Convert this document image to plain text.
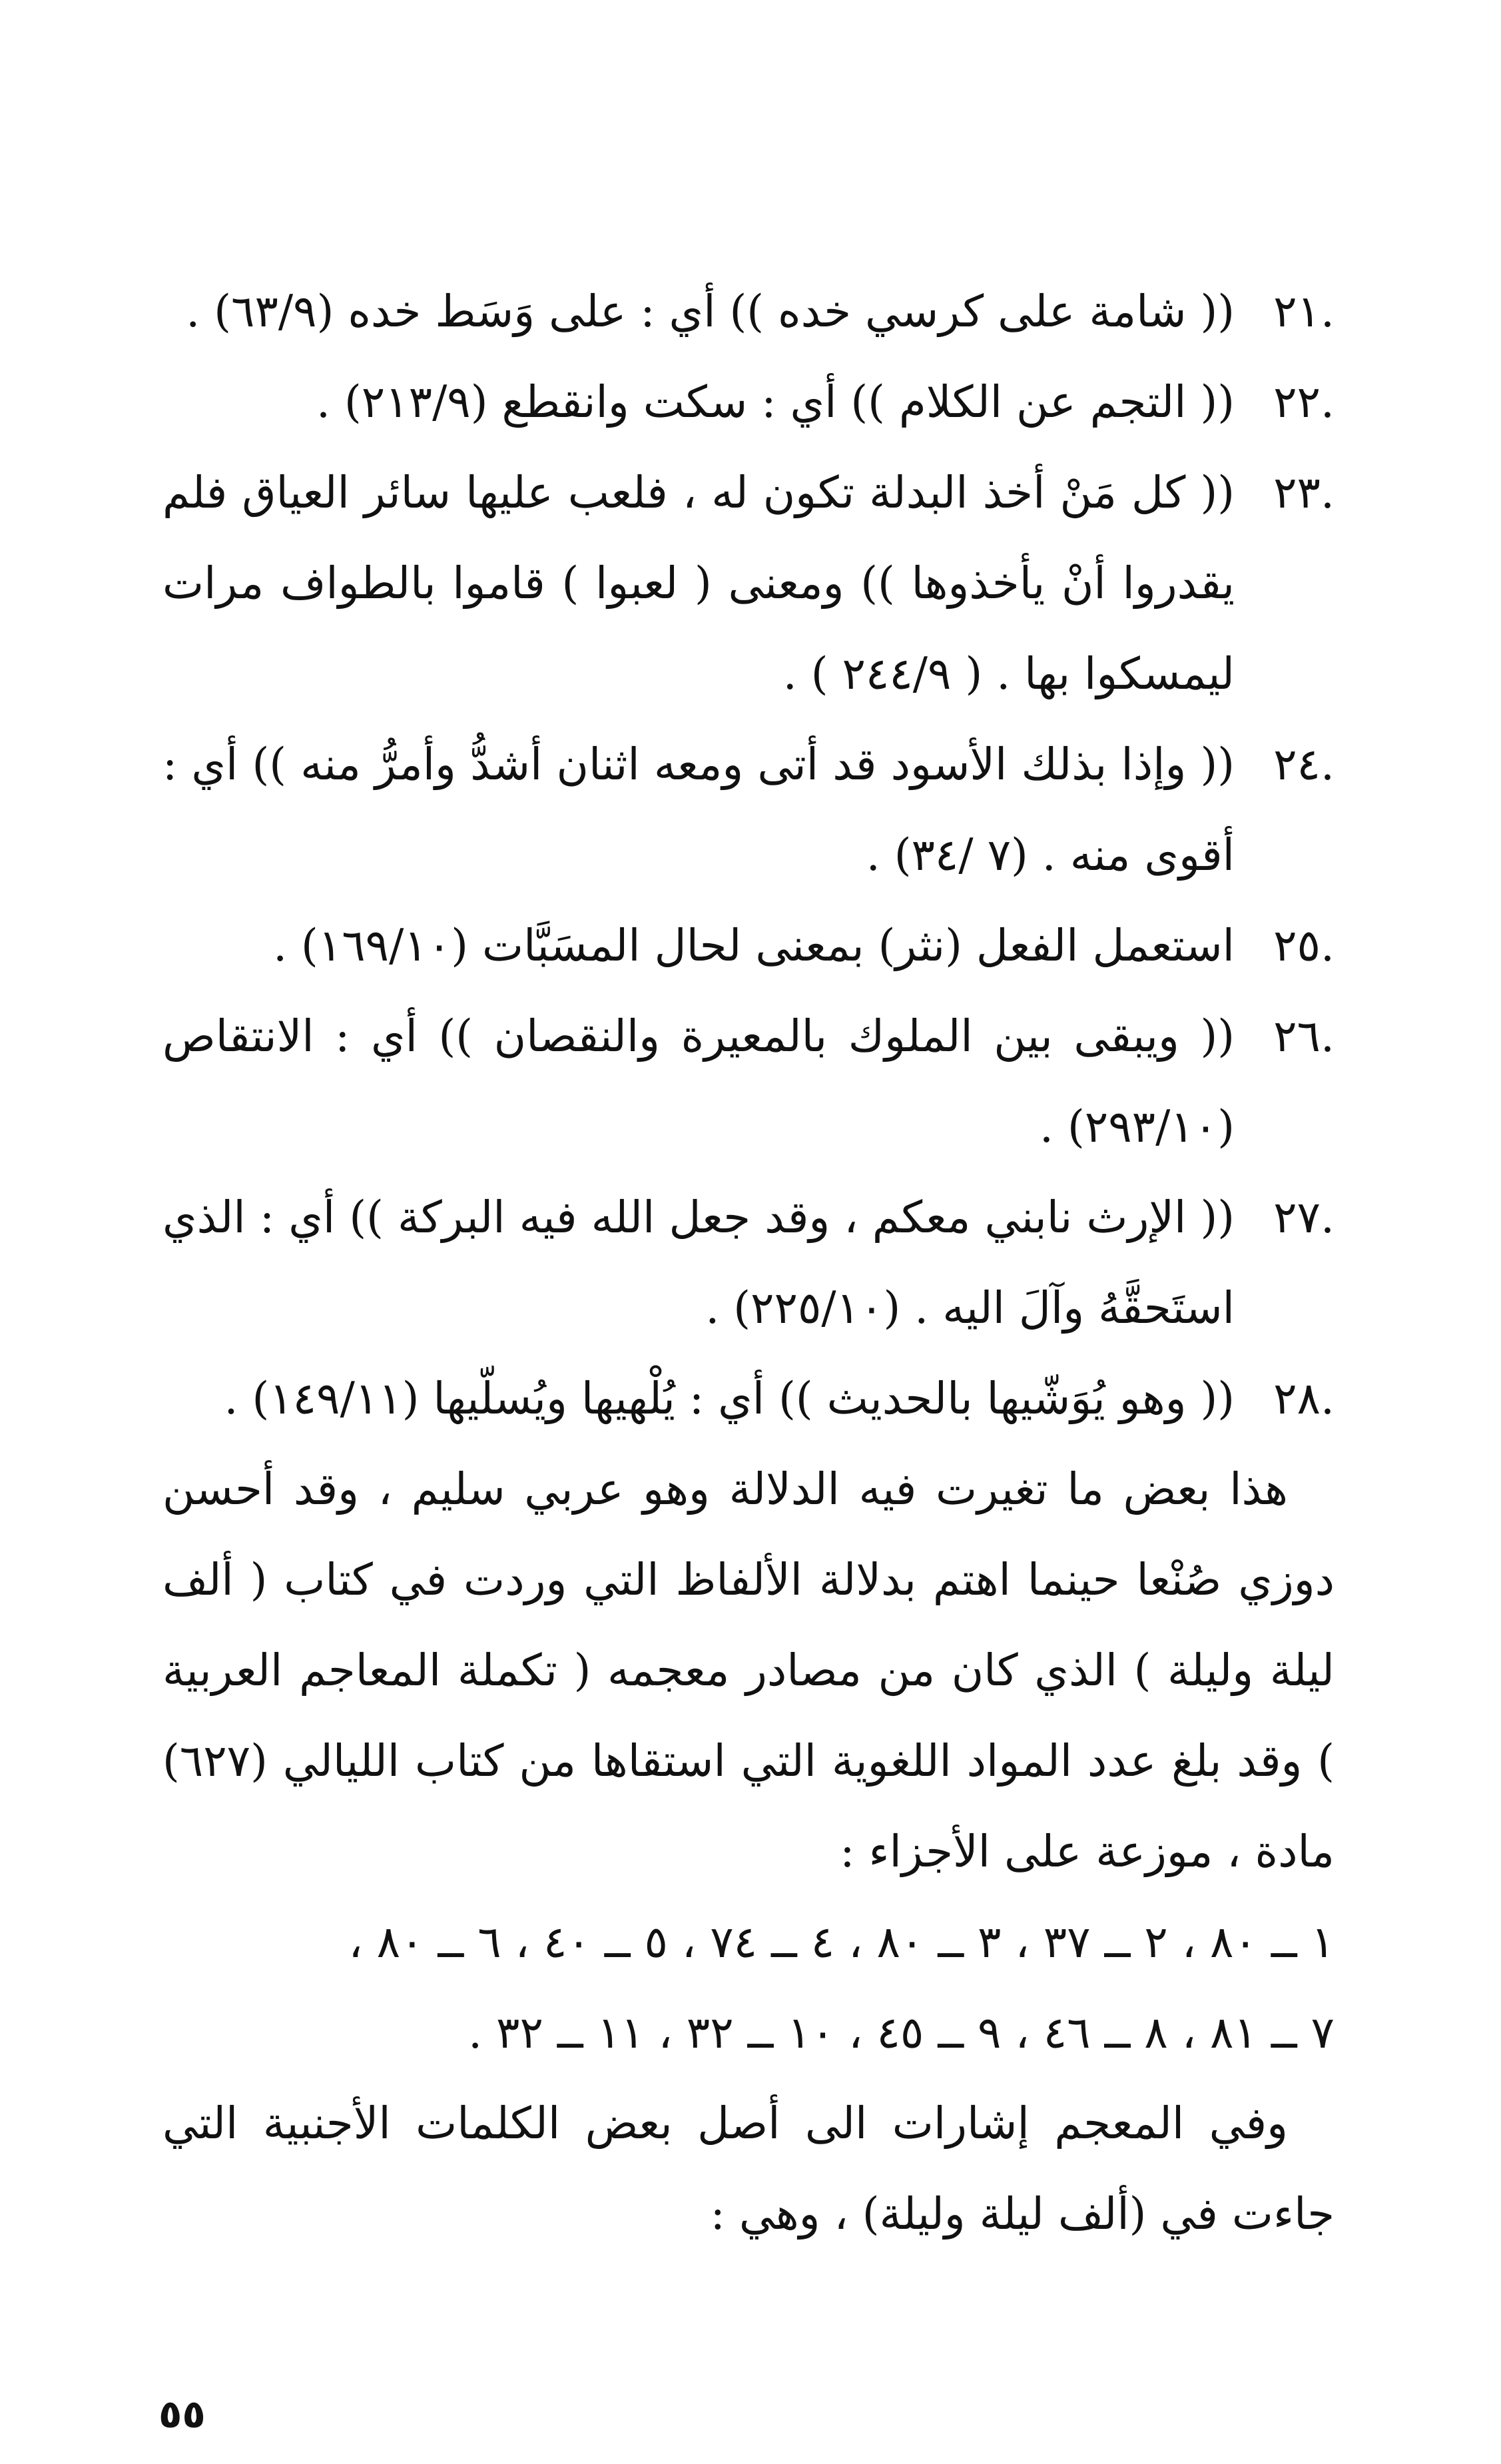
.٢١
(( شامة على كرسي خده )) أي : على وَسَط خده (٦٣/٩) .
.٢٢
(( التجم عن الكلام )) أي : سكت وانقطع (٢١٣/٩) .
.٢٣
(( كل مَنْ أخذ البدلة تكون له ، فلعب عليها سائر العياق فلم يقدروا أنْ يأخذوها )) ومعنى ( لعبوا ) قاموا بالطواف مرات ليمسكوا بها . ( ٢٤٤/٩ ) .
.٢٤
(( وإذا بذلك الأسود قد أتى ومعه اثنان أشدُّ وأمرُّ منه )) أي : أقوى منه . (٧ /٣٤) .
.٢٥
استعمل الفعل (نثر) بمعنى لحال المسَبَّات (١٦٩/١٠) .
.٢٦
(( ويبقى بين الملوك بالمعيرة والنقصان )) أي : الانتقاص (٢٩٣/١٠) .
.٢٧
(( الإرث نابني معكم ، وقد جعل الله فيه البركة )) أي : الذي استَحقَّهُ وآلَ اليه . (٢٢٥/١٠) .
.٢٨
(( وهو يُوَشّيها بالحديث )) أي : يُلْهيها ويُسلّيها (١٤٩/١١) .

هذا بعض ما تغيرت فيه الدلالة وهو عربي سليم ، وقد أحسن دوزي صُنْعا حينما اهتم بدلالة الألفاظ التي وردت في كتاب ( ألف ليلة وليلة ) الذي كان من مصادر معجمه ( تكملة المعاجم العربية ) وقد بلغ عدد المواد اللغوية التي استقاها من كتاب الليالي (٦٢٧) مادة ، موزعة على الأجزاء :

١ ــ ٨٠ ، ٢ ــ ٣٧ ، ٣ ــ ٨٠ ، ٤ ــ ٧٤ ، ٥ ــ ٤٠ ، ٦ ــ ٨٠ ،

٧ ــ ٨١ ، ٨ ــ ٤٦ ، ٩ ــ ٤٥ ، ١٠ ــ ٣٢ ، ١١ ــ ٣٢ .

وفي المعجم إشارات الى أصل بعض الكلمات الأجنبية التي جاءت في (ألف ليلة وليلة) ، وهي :

٥٥
